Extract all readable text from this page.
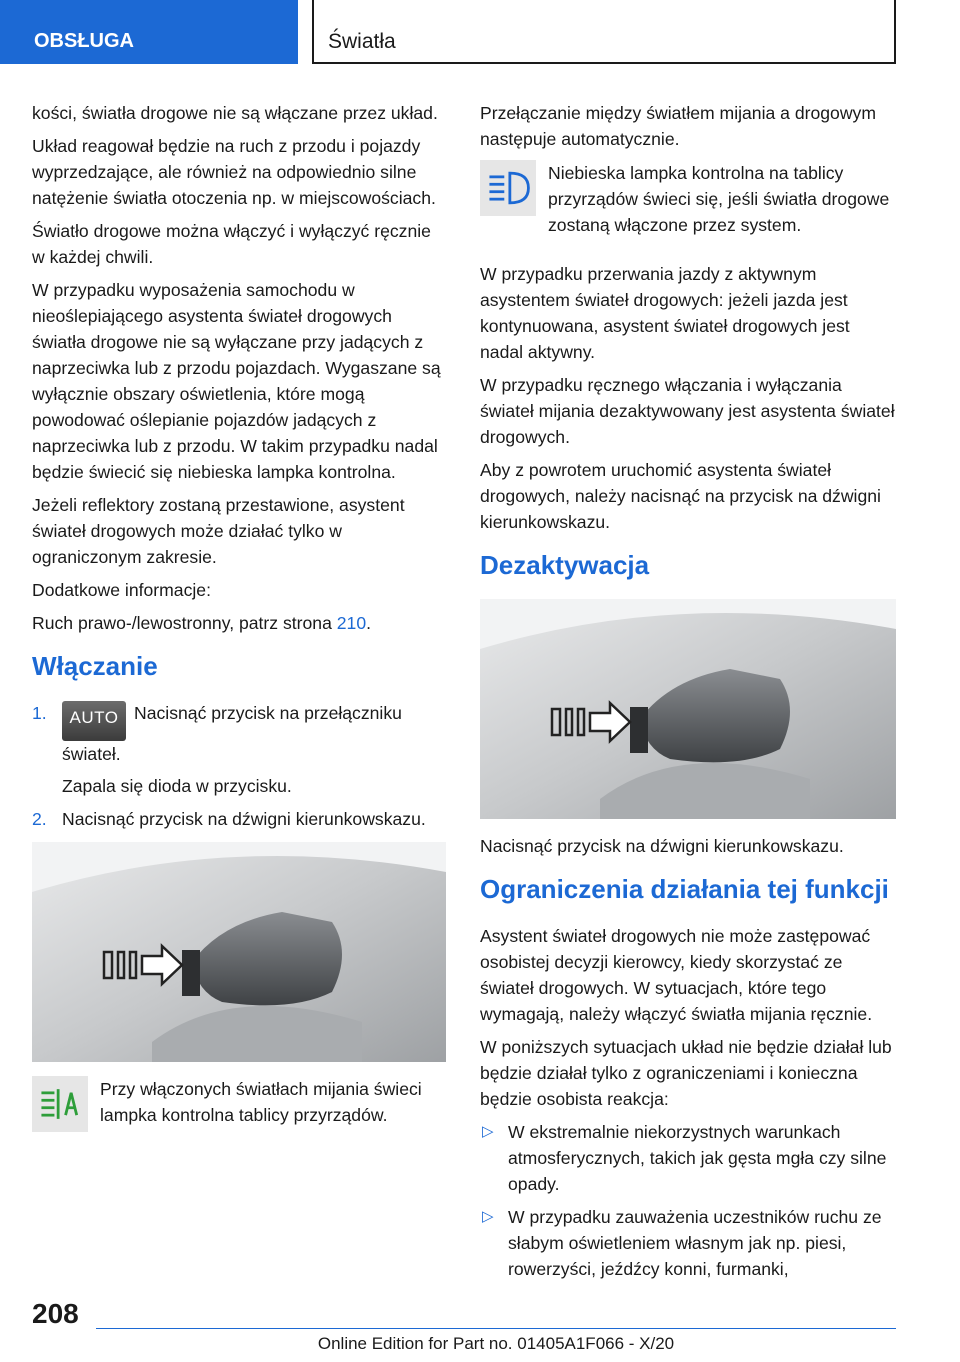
OBSŁUGA	Światła

kości, światła drogowe nie są włączane przez układ.

Układ reagował będzie na ruch z przodu i pojazdy wyprzedzające, ale również na odpowiednio silne natężenie światła otoczenia np. w miejscowościach.

Światło drogowe można włączyć i wyłączyć ręcznie w każdej chwili.

W przypadku wyposażenia samochodu w nieoślepiającego asystenta świateł drogowych światła drogowe nie są wyłączane przy jadących z naprzeciwka lub z przodu pojazdach. Wygaszane są wyłącznie obszary oświetlenia, które mogą powodować oślepianie pojazdów jadących z naprzeciwka lub z przodu. W takim przypadku nadal będzie świecić się niebieska lampka kontrolna.

Jeżeli reflektory zostaną przestawione, asystent świateł drogowych może działać tylko w ograniczonym zakresie.

Dodatkowe informacje:

Ruch prawo-/lewostronny, patrz strona 210.

Włączanie
1.	AUTO Nacisnąć przycisk na przełączniku świateł.

Zapala się dioda w przycisku.

2. Nacisnąć przycisk na dźwigni kierunkowskazu.

Przy włączonych światłach mijania świeci lampka kontrolna tablicy przyrządów.

Przełączanie między światłem mijania a drogowym następuje automatycznie.

Niebieska lampka kontrolna na tablicy przyrządów świeci się, jeśli światła drogowe zostaną włączone przez system.

W przypadku przerwania jazdy z aktywnym asystentem świateł drogowych: jeżeli jazda jest kontynuowana, asystent świateł drogowych jest nadal aktywny.

W przypadku ręcznego włączania i wyłączania świateł mijania dezaktywowany jest asystenta świateł drogowych.

Aby z powrotem uruchomić asystenta świateł drogowych, należy nacisnąć na przycisk na dźwigni kierunkowskazu.

Dezaktywacja

Nacisnąć przycisk na dźwigni kierunkowskazu.

Ograniczenia działania tej funkcji

Asystent świateł drogowych nie może zastępować osobistej decyzji kierowcy, kiedy skorzystać ze świateł drogowych. W sytuacjach, które tego wymagają, należy włączyć światła mijania ręcznie.

W poniższych sytuacjach układ nie będzie działał lub będzie działał tylko z ograniczeniami i konieczna będzie osobista reakcja:

▷ W ekstremalnie niekorzystnych warunkach atmosferycznych, takich jak gęsta mgła czy silne opady.

▷ W przypadku zauważenia uczestników ruchu ze słabym oświetleniem własnym jak np. piesi, rowerzyści, jeźdźcy konni, furmanki,

208
Online Edition for Part no. 01405A1F066 - X/20
